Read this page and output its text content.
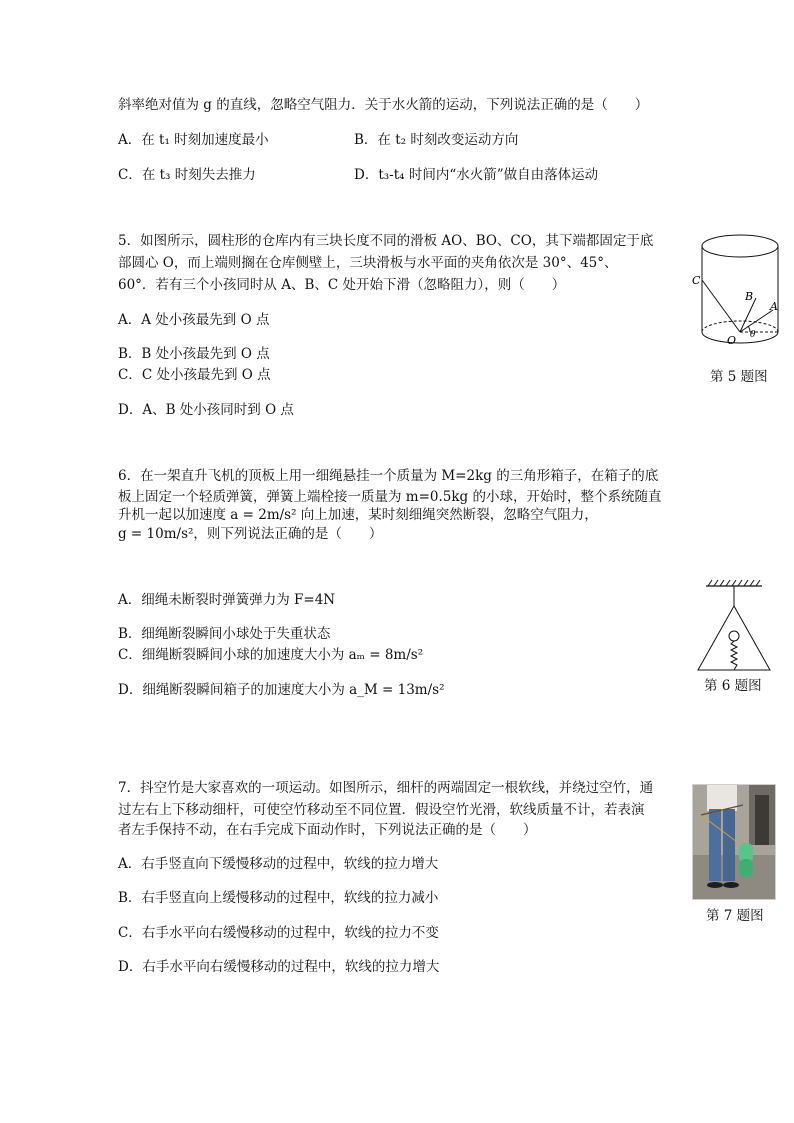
斜率绝对值为 g 的直线，忽略空气阻力．关于水火箭的运动，下列说法正确的是（　　）
A．在 t₁ 时刻加速度最小	B．在 t₂ 时刻改变运动方向
C．在 t₃ 时刻失去推力	D．t₃-t₄ 时间内“水火箭”做自由落体运动
5．如图所示，圆柱形的仓库内有三块长度不同的滑板 AO、BO、CO，其下端都固定于底
部圆心 O，而上端则搁在仓库侧壁上，三块滑板与水平面的夹角依次是 30°、45°、
60°．若有三个小孩同时从 A、B、C 处开始下滑（忽略阻力），则（　　）
A．A 处小孩最先到 O 点
B．B 处小孩最先到 O 点
C．C 处小孩最先到 O 点
D．A、B 处小孩同时到 O 点
C
B
A
O θ
第 5 题图
6．在一架直升飞机的顶板上用一细绳悬挂一个质量为 M=2kg 的三角形箱子，在箱子的底
板上固定一个轻质弹簧，弹簧上端栓接一质量为 m=0.5kg 的小球，开始时，整个系统随直
升机一起以加速度 a = 2m/s² 向上加速，某时刻细绳突然断裂，忽略空气阻力，
g = 10m/s²，则下列说法正确的是（　　）
A．细绳未断裂时弹簧弹力为 F=4N
B．细绳断裂瞬间小球处于失重状态
C．细绳断裂瞬间小球的加速度大小为 aₘ = 8m/s²
D．细绳断裂瞬间箱子的加速度大小为 a_M = 13m/s²	第 6 题图
7．抖空竹是大家喜欢的一项运动。如图所示，细杆的两端固定一根软线，并绕过空竹，通
过左右上下移动细杆，可使空竹移动至不同位置．假设空竹光滑，软线质量不计，若表演
者左手保持不动，在右手完成下面动作时，下列说法正确的是（　　）
A．右手竖直向下缓慢移动的过程中，软线的拉力增大
B．右手竖直向上缓慢移动的过程中，软线的拉力减小
C．右手水平向右缓慢移动的过程中，软线的拉力不变
D．右手水平向右缓慢移动的过程中，软线的拉力增大
第 7 题图
